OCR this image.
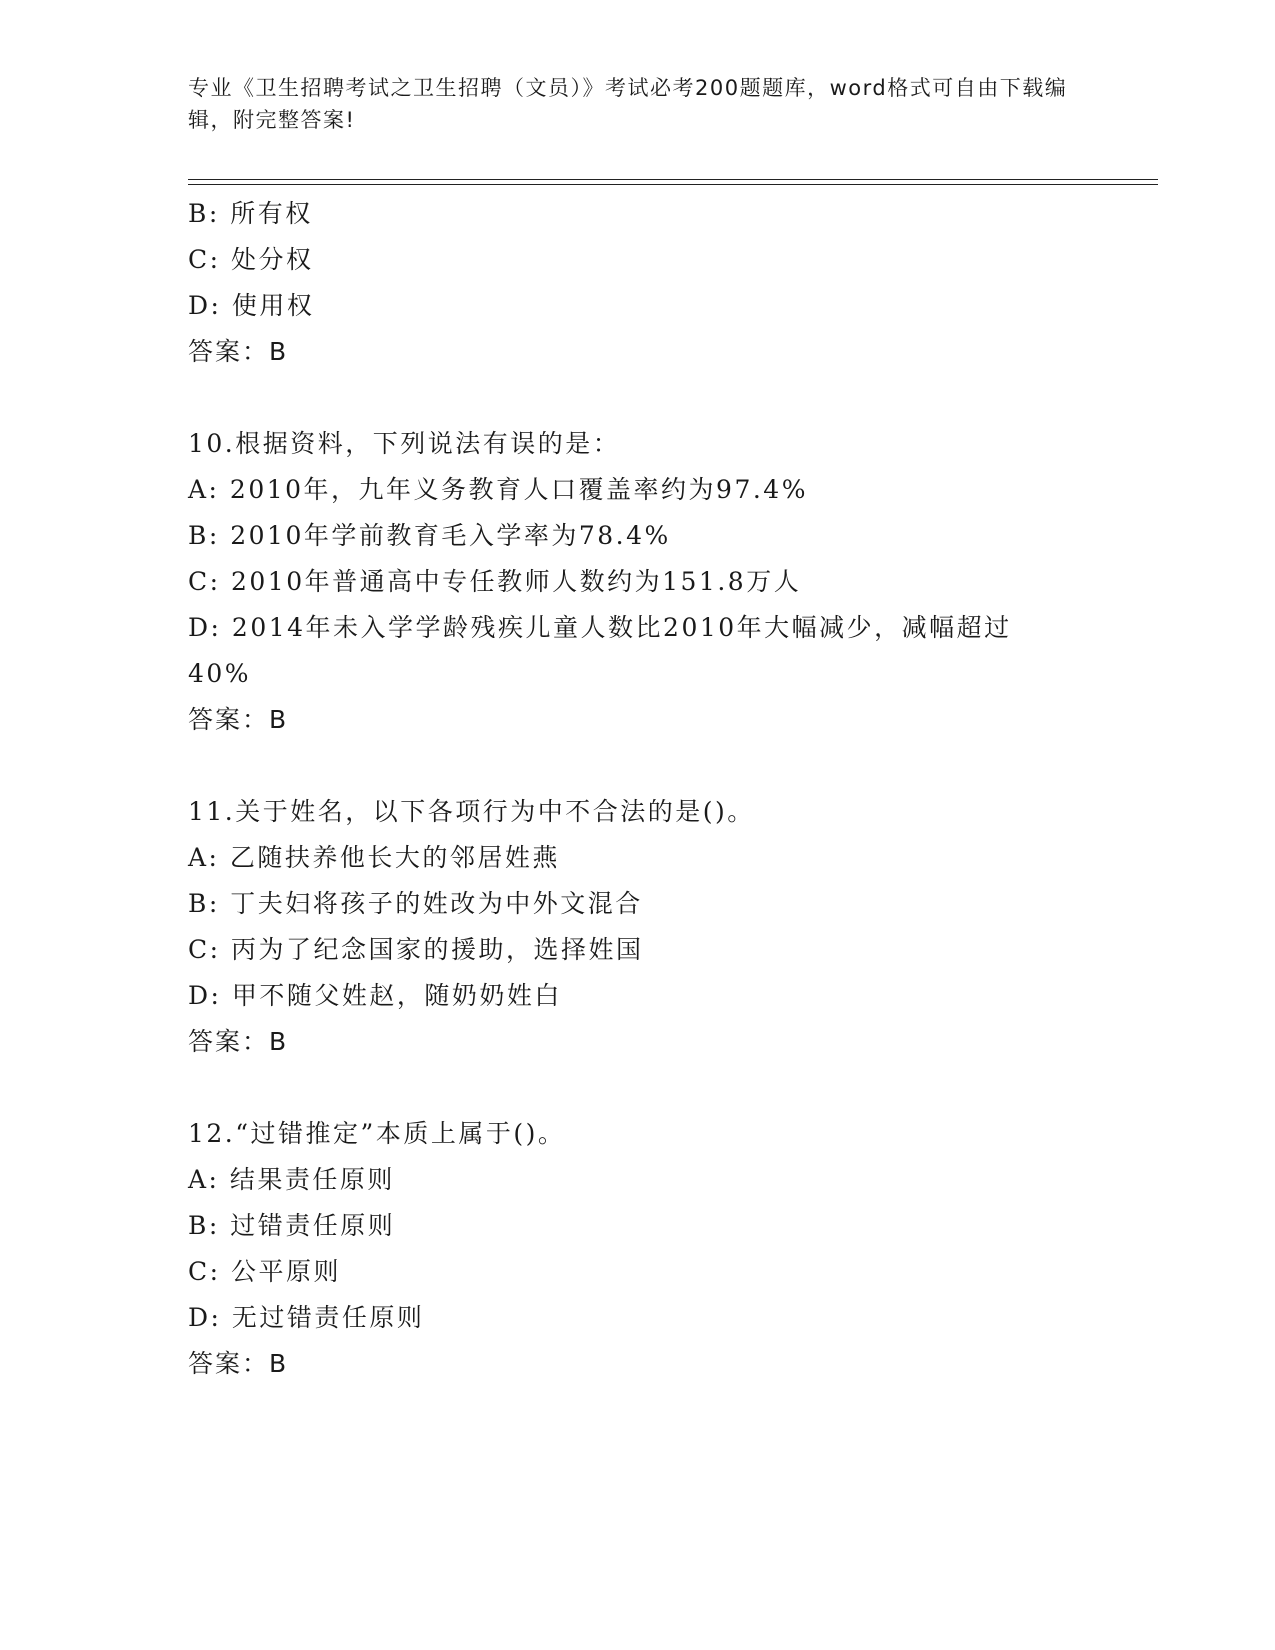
专业《卫生招聘考试之卫生招聘（文员）》考试必考200题题库，word格式可自由下载编辑，附完整答案!
B: 所有权
C: 处分权
D: 使用权
答案：B
10.根据资料，下列说法有误的是：
A: 2010年，九年义务教育人口覆盖率约为97.4%
B: 2010年学前教育毛入学率为78.4%
C: 2010年普通高中专任教师人数约为151.8万人
D: 2014年未入学学龄残疾儿童人数比2010年大幅减少，减幅超过40%
答案：B
11.关于姓名，以下各项行为中不合法的是()。
A: 乙随扶养他长大的邻居姓燕
B: 丁夫妇将孩子的姓改为中外文混合
C: 丙为了纪念国家的援助，选择姓国
D: 甲不随父姓赵，随奶奶姓白
答案：B
12.“过错推定”本质上属于()。
A: 结果责任原则
B: 过错责任原则
C: 公平原则
D: 无过错责任原则
答案：B
